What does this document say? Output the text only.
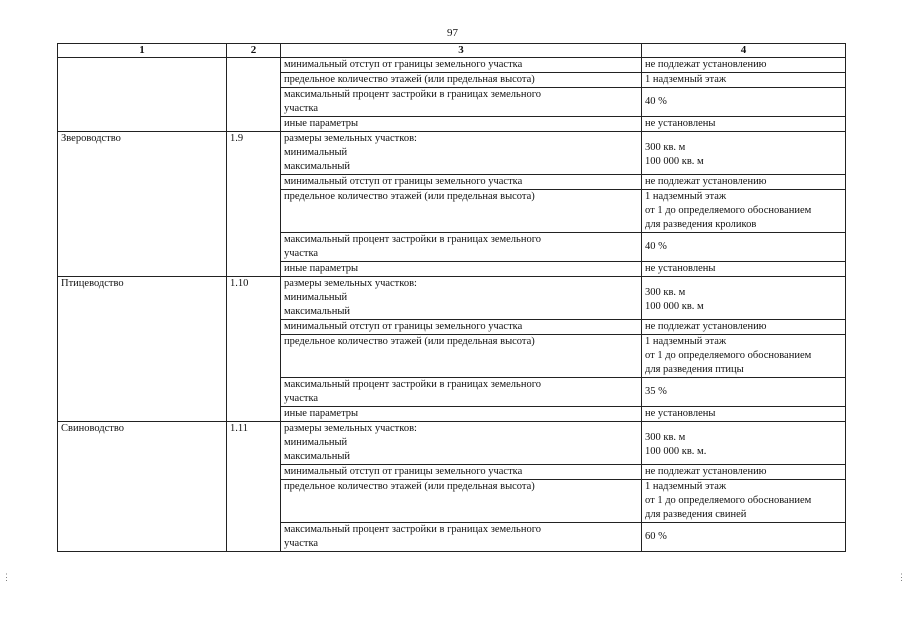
97
1	2	3	4

		минимальный отступ от границы земельного участка	не подлежат установлению

		предельное количество этажей (или предельная высота)	1 надземный этаж

		максимальный процент застройки в границах земельного
участка	40 %

		иные параметры	не установлены

Звероводство	1.9	размеры земельных участков:
минимальный
максимальный	300 кв. м
100 000 кв. м

		минимальный отступ от границы земельного участка	не подлежат установлению

		предельное количество этажей (или предельная высота)	1 надземный этаж
от 1 до определяемого обоснованием
для разведения кроликов

		максимальный процент застройки в границах земельного
участка	40 %

		иные параметры	не установлены

Птицеводство	1.10	размеры земельных участков:
минимальный
максимальный	300 кв. м
100 000 кв. м

		минимальный отступ от границы земельного участка	не подлежат установлению

		предельное количество этажей (или предельная высота)	1 надземный этаж
от 1 до определяемого обоснованием
для разведения птицы

		максимальный процент застройки в границах земельного
участка	35 %

		иные параметры	не установлены

Свиноводство	1.11	размеры земельных участков:
минимальный
максимальный	300 кв. м
100 000 кв. м.

		минимальный отступ от границы земельного участка	не подлежат установлению

		предельное количество этажей (или предельная высота)	1 надземный этаж
от 1 до определяемого обоснованием
для разведения свиней

		максимальный процент застройки в границах земельного
участка	60 %
⋮	⋮
